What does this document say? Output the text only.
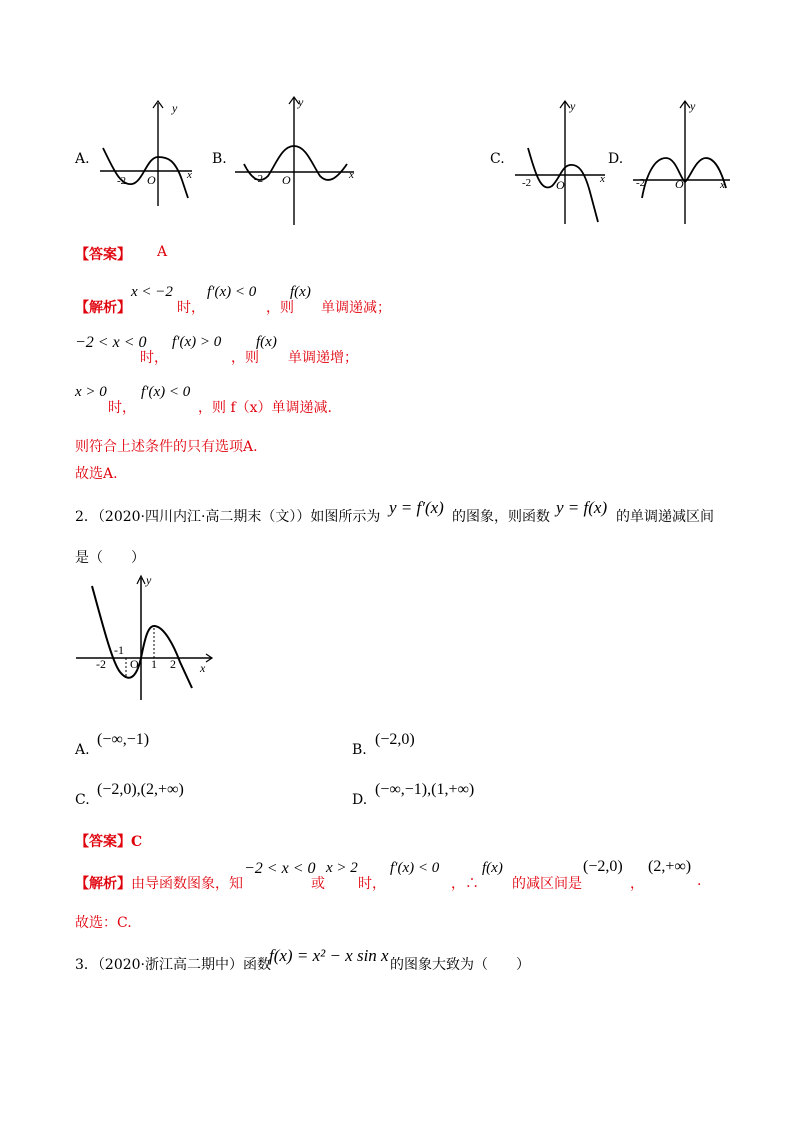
A.
y
x
O
-2
B.
y
x
O
-2
C.
y
x
O
-2
D.
y
x
O
-2
【答案】 A
【解析】
x < −2
时，
f′(x) < 0
，则
f(x)
单调递减；
−2 < x < 0
时，
f′(x) > 0
，则
f(x)
单调递增；
x > 0
时，
f′(x) < 0
，则 f（x）单调递减.
则符合上述条件的只有选项A.
故选A.
2．（2020·四川内江·高二期末（文））如图所示为 y = f′(x) 的图象，则函数 y = f(x) 的单调递减区间
是（　　）
y
x
-2
-1
O 1 2
A.
(−∞,−1)
B.
(−2,0)
C.
(−2,0),(2,+∞)
D.
(−∞,−1),(1,+∞)
【答案】C
【解析】 由导函数图象，知
−2 < x < 0
或
x > 2
时，
f′(x) < 0
，∴
f(x)
的减区间是
(−2,0)
，
(2,+∞)
.
故选：C.
3．（2020·浙江高二期中）函数
f(x) = x² − x sin x 的图象大致为（　　）
